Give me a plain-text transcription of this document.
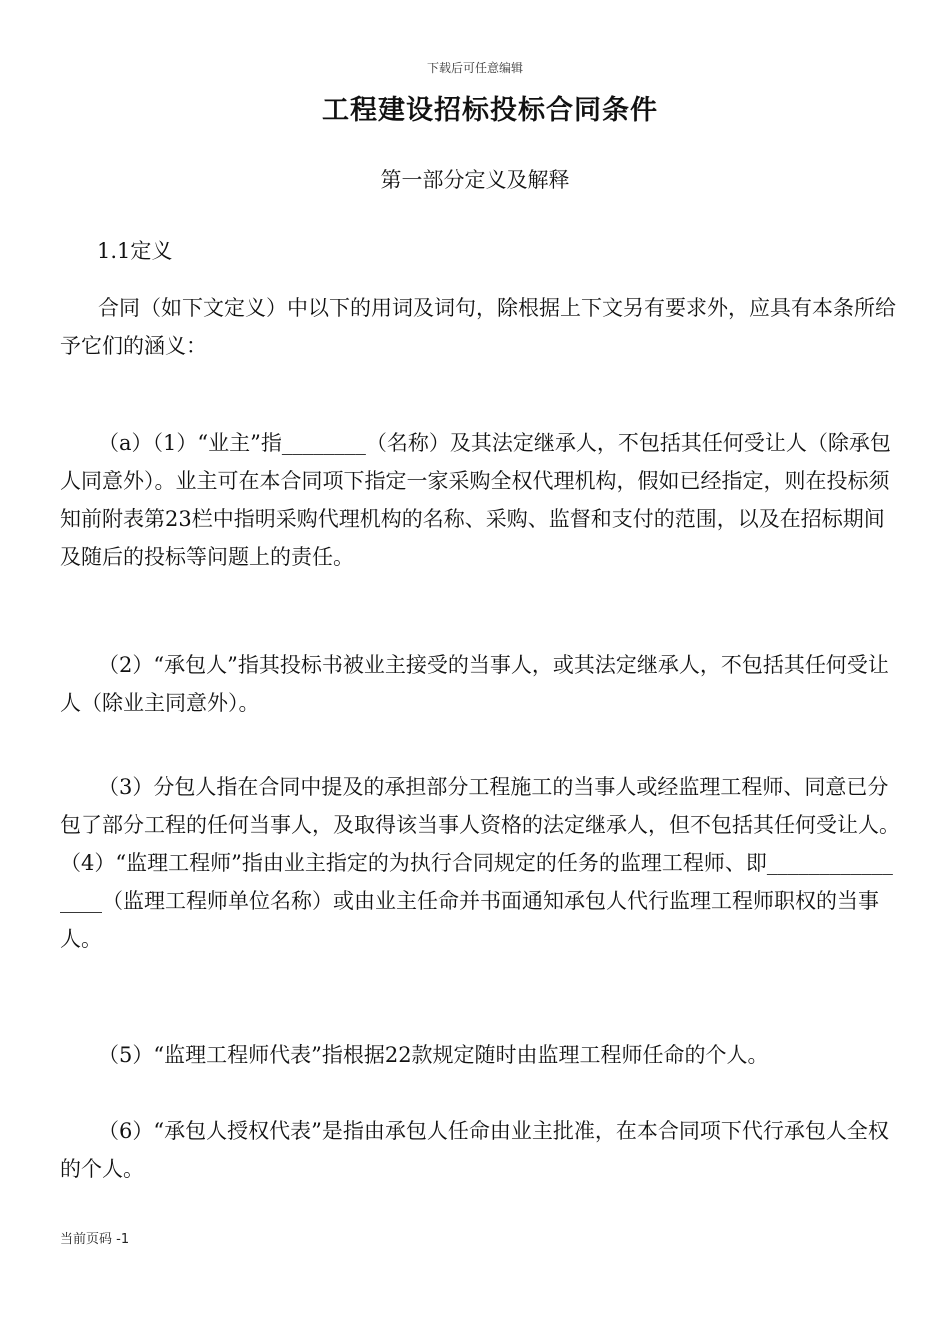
下载后可任意编辑
工程建设招标投标合同条件
第一部分定义及解释
1.1定义

合同（如下文定义）中以下的用词及词句，除根据上下文另有要求外，应具有本条所给予它们的涵义：

（a）（1）“业主”指________（名称）及其法定继承人，不包括其任何受让人（除承包人同意外）。业主可在本合同项下指定一家采购全权代理机构，假如已经指定，则在投标须知前附表第23栏中指明采购代理机构的名称、采购、监督和支付的范围，以及在招标期间及随后的投标等问题上的责任。

（2）“承包人”指其投标书被业主接受的当事人，或其法定继承人，不包括其任何受让人（除业主同意外）。

（3）分包人指在合同中提及的承担部分工程施工的当事人或经监理工程师、同意已分包了部分工程的任何当事人，及取得该当事人资格的法定继承人，但不包括其任何受让人。（4）“监理工程师”指由业主指定的为执行合同规定的任务的监理工程师、即________________（监理工程师单位名称）或由业主任命并书面通知承包人代行监理工程师职权的当事人。

（5）“监理工程师代表”指根据22款规定随时由监理工程师任命的个人。

（6）“承包人授权代表”是指由承包人任命由业主批准，在本合同项下代行承包人全权的个人。

当前页码 -1
